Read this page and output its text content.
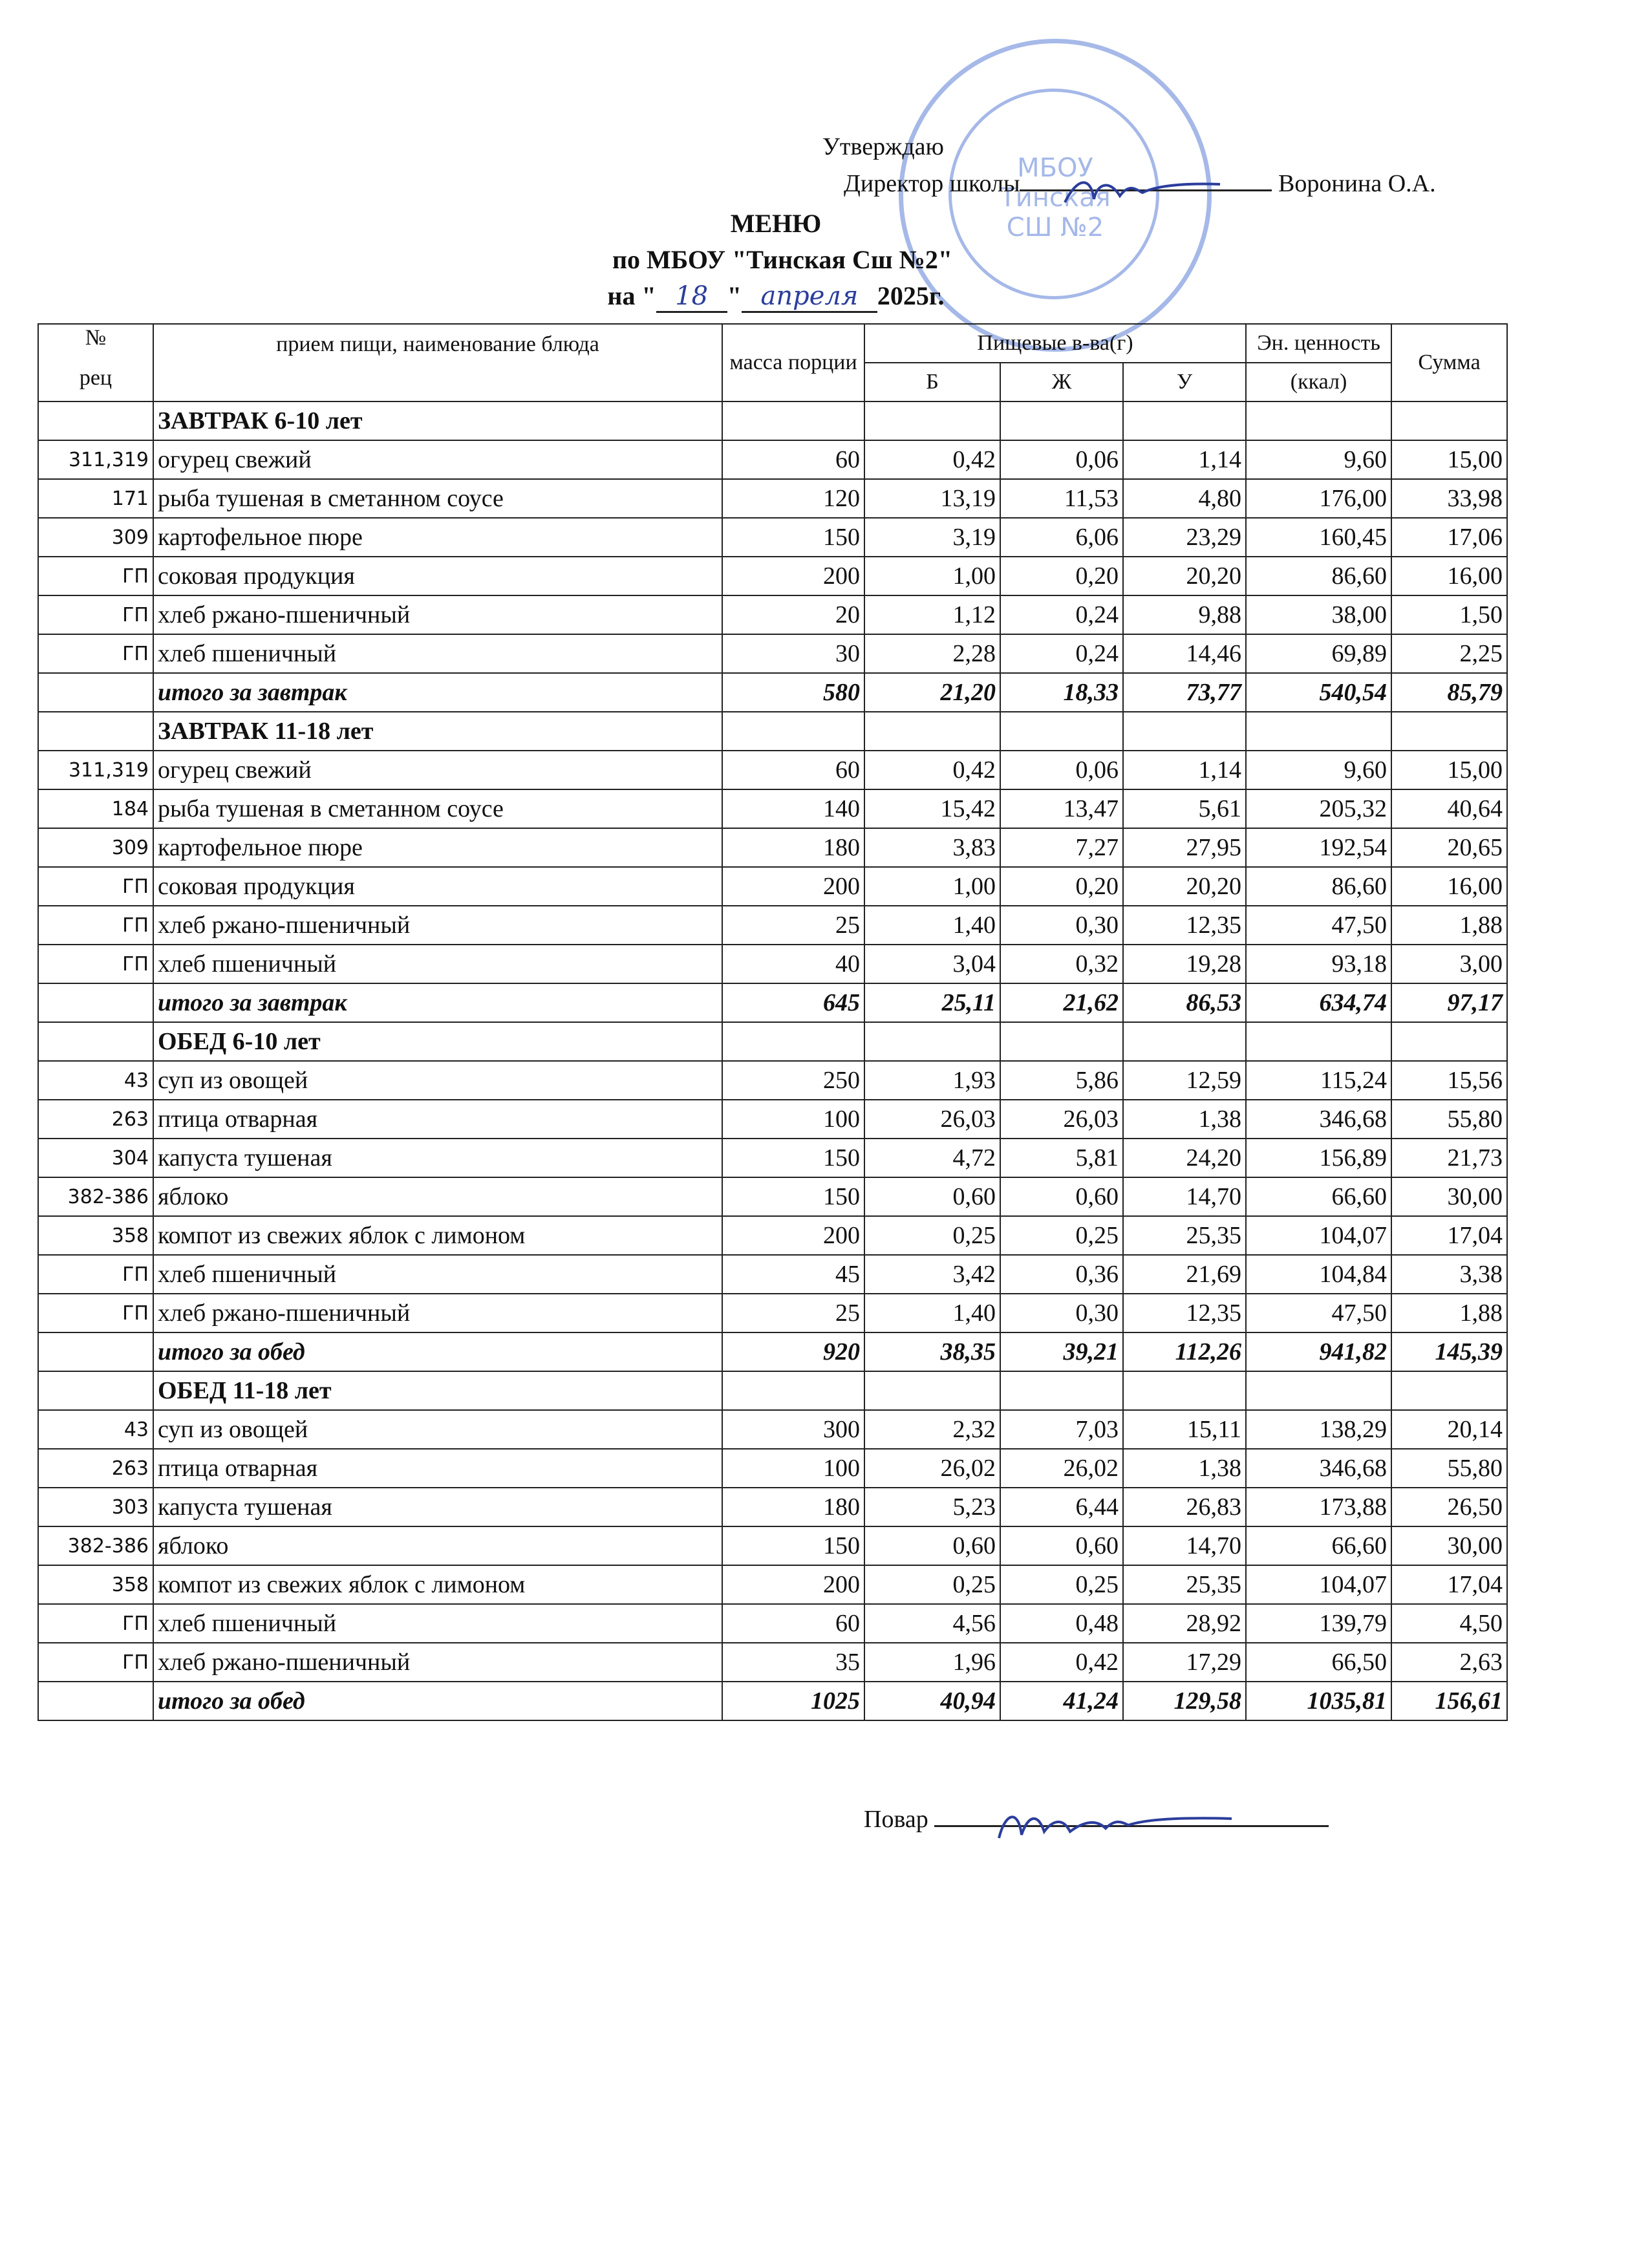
МБОУ
Тинская
СШ №2
Утверждаю
Директор школы	Воронина О.А.
МЕНЮ
по МБОУ "Тинская Сш №2"
на " 18 " апреля 2025г.
№
рец	прием пищи, наименование блюда	масса порции	Пищевые в-ва(г)			Эн. ценность	Сумма
			Б	Ж	У	(ккал)	
	ЗАВТРАК 6-10 лет						
311,319	огурец свежий	60	0,42	0,06	1,14	9,60	15,00
171	рыба тушеная в сметанном соусе	120	13,19	11,53	4,80	176,00	33,98
309	картофельное пюре	150	3,19	6,06	23,29	160,45	17,06
ГП	соковая продукция	200	1,00	0,20	20,20	86,60	16,00
ГП	хлеб ржано-пшеничный	20	1,12	0,24	9,88	38,00	1,50
ГП	хлеб пшеничный	30	2,28	0,24	14,46	69,89	2,25
	итого за завтрак	580	21,20	18,33	73,77	540,54	85,79
	ЗАВТРАК 11-18 лет						
311,319	огурец свежий	60	0,42	0,06	1,14	9,60	15,00
184	рыба тушеная в сметанном соусе	140	15,42	13,47	5,61	205,32	40,64
309	картофельное пюре	180	3,83	7,27	27,95	192,54	20,65
ГП	соковая продукция	200	1,00	0,20	20,20	86,60	16,00
ГП	хлеб ржано-пшеничный	25	1,40	0,30	12,35	47,50	1,88
ГП	хлеб пшеничный	40	3,04	0,32	19,28	93,18	3,00
	итого за завтрак	645	25,11	21,62	86,53	634,74	97,17
	ОБЕД 6-10 лет						
43	суп из овощей	250	1,93	5,86	12,59	115,24	15,56
263	птица отварная	100	26,03	26,03	1,38	346,68	55,80
304	капуста тушеная	150	4,72	5,81	24,20	156,89	21,73
382-386	яблоко	150	0,60	0,60	14,70	66,60	30,00
358	компот из свежих яблок с лимоном	200	0,25	0,25	25,35	104,07	17,04
ГП	хлеб пшеничный	45	3,42	0,36	21,69	104,84	3,38
ГП	хлеб ржано-пшеничный	25	1,40	0,30	12,35	47,50	1,88
	итого за обед	920	38,35	39,21	112,26	941,82	145,39
	ОБЕД 11-18 лет						
43	суп из овощей	300	2,32	7,03	15,11	138,29	20,14
263	птица отварная	100	26,02	26,02	1,38	346,68	55,80
303	капуста тушеная	180	5,23	6,44	26,83	173,88	26,50
382-386	яблоко	150	0,60	0,60	14,70	66,60	30,00
358	компот из свежих яблок с лимоном	200	0,25	0,25	25,35	104,07	17,04
ГП	хлеб пшеничный	60	4,56	0,48	28,92	139,79	4,50
ГП	хлеб ржано-пшеничный	35	1,96	0,42	17,29	66,50	2,63
	итого за обед	1025	40,94	41,24	129,58	1035,81	156,61
Повар
